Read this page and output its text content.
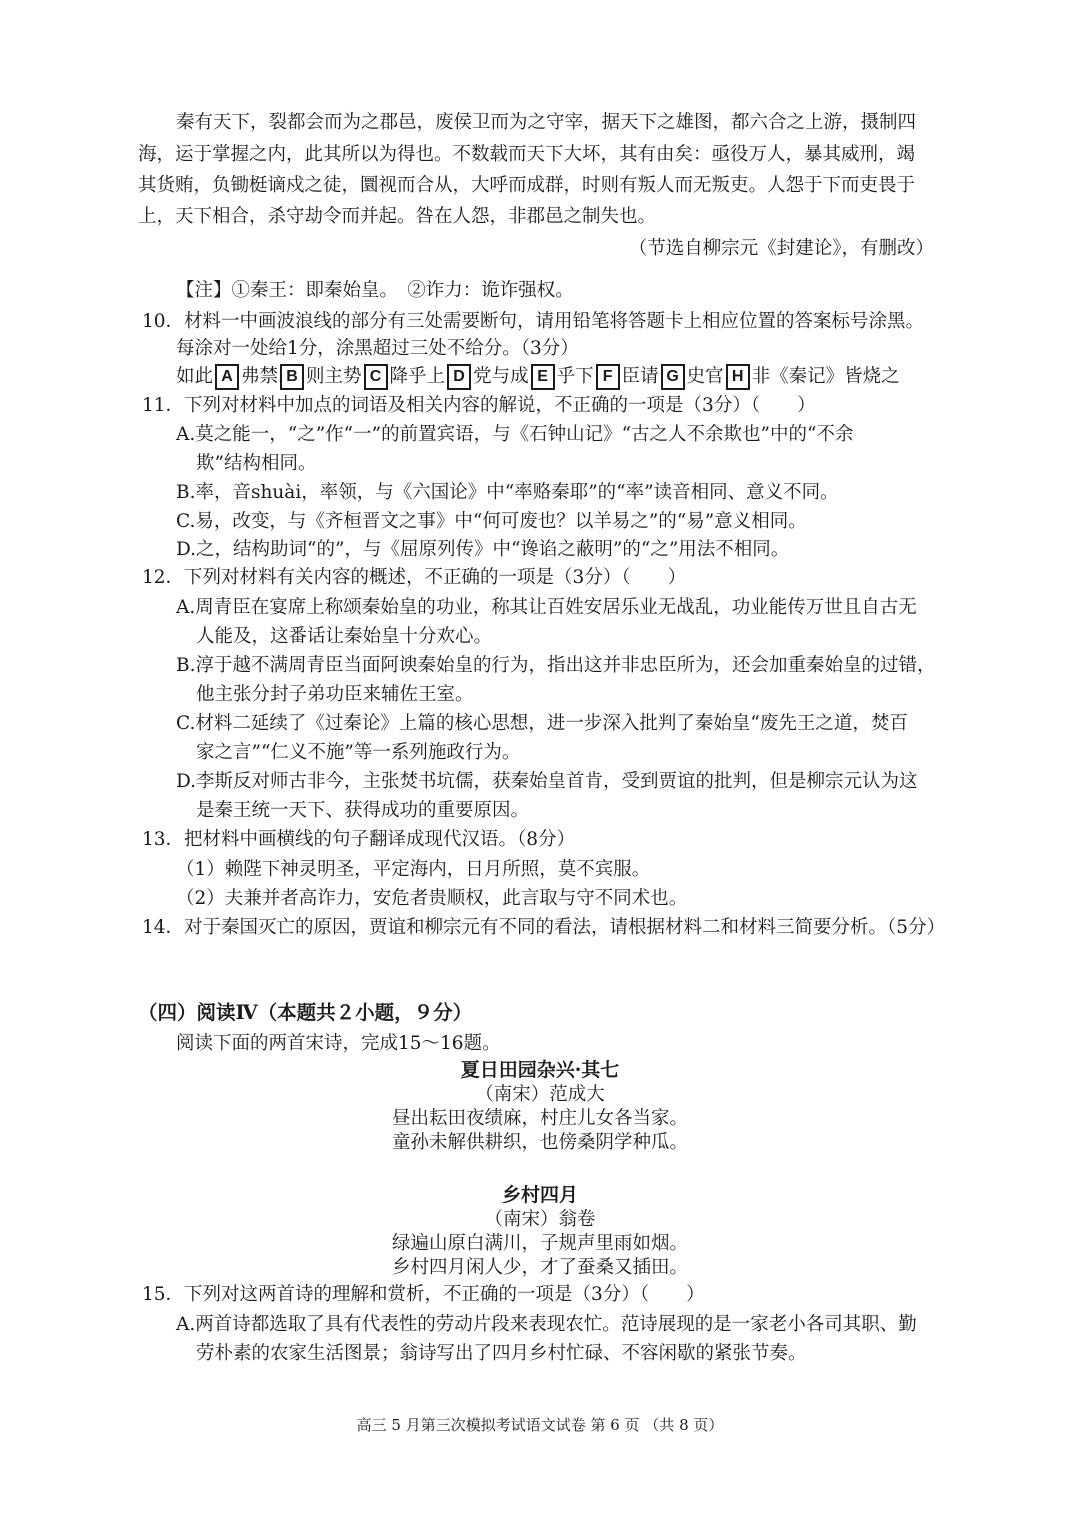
秦有天下，裂都会而为之郡邑，废侯卫而为之守宰，据天下之雄图，都六合之上游，摄制四
海，运于掌握之内，此其所以为得也。不数载而天下大坏，其有由矣：亟役万人，暴其威刑，竭
其货贿，负锄梃谪戍之徒，圜视而合从，大呼而成群，时则有叛人而无叛吏。人怨于下而吏畏于
上，天下相合，杀守劫令而并起。咎在人怨，非郡邑之制失也。
（节选自柳宗元《封建论》，有删改）
【注】①秦王：即秦始皇。　②诈力：诡诈强权。
10．材料一中画波浪线的部分有三处需要断句，请用铅笔将答题卡上相应位置的答案标号涂黑。
每涂对一处给1分，涂黑超过三处不给分。（3分）
如此 A 弗禁 B 则主势 C 降乎上 D 党与成 E 乎下 F 臣请 G 史官 H 非《秦记》皆烧之
11．下列对材料中加点的词语及相关内容的解说，不正确的一项是（3分）（　　）
A.莫之能一，“之”作“一”的前置宾语，与《石钟山记》“古之人不余欺也”中的“不余
欺”结构相同。
B.率，音shuài，率领，与《六国论》中“率赂秦耶”的“率”读音相同、意义不同。
C.易，改变，与《齐桓晋文之事》中“何可废也？以羊易之”的“易”意义相同。
D.之，结构助词“的”，与《屈原列传》中“谗谄之蔽明”的“之”用法不相同。
12．下列对材料有关内容的概述，不正确的一项是（3分）（　　）
A.周青臣在宴席上称颂秦始皇的功业，称其让百姓安居乐业无战乱，功业能传万世且自古无
人能及，这番话让秦始皇十分欢心。
B.淳于越不满周青臣当面阿谀秦始皇的行为，指出这并非忠臣所为，还会加重秦始皇的过错，
他主张分封子弟功臣来辅佐王室。
C.材料二延续了《过秦论》上篇的核心思想，进一步深入批判了秦始皇“废先王之道，焚百
家之言”“仁义不施”等一系列施政行为。
D.李斯反对师古非今，主张焚书坑儒，获秦始皇首肯，受到贾谊的批判，但是柳宗元认为这
是秦王统一天下、获得成功的重要原因。
13．把材料中画横线的句子翻译成现代汉语。（8分）
（1）赖陛下神灵明圣，平定海内，日月所照，莫不宾服。
（2）夫兼并者高诈力，安危者贵顺权，此言取与守不同术也。
14．对于秦国灭亡的原因，贾谊和柳宗元有不同的看法，请根据材料二和材料三简要分析。（5分）
（四）阅读Ⅳ（本题共２小题，９分）
阅读下面的两首宋诗，完成15～16题。
夏日田园杂兴·其七
（南宋）范成大
昼出耘田夜绩麻，村庄儿女各当家。
童孙未解供耕织，也傍桑阴学种瓜。
乡村四月
（南宋）翁卷
绿遍山原白满川，子规声里雨如烟。
乡村四月闲人少，才了蚕桑又插田。
15．下列对这两首诗的理解和赏析，不正确的一项是（3分）（　　）
A.两首诗都选取了具有代表性的劳动片段来表现农忙。范诗展现的是一家老小各司其职、勤
劳朴素的农家生活图景；翁诗写出了四月乡村忙碌、不容闲歇的紧张节奏。
高三 5 月第三次模拟考试语文试卷 第 6 页 （共 8 页）
